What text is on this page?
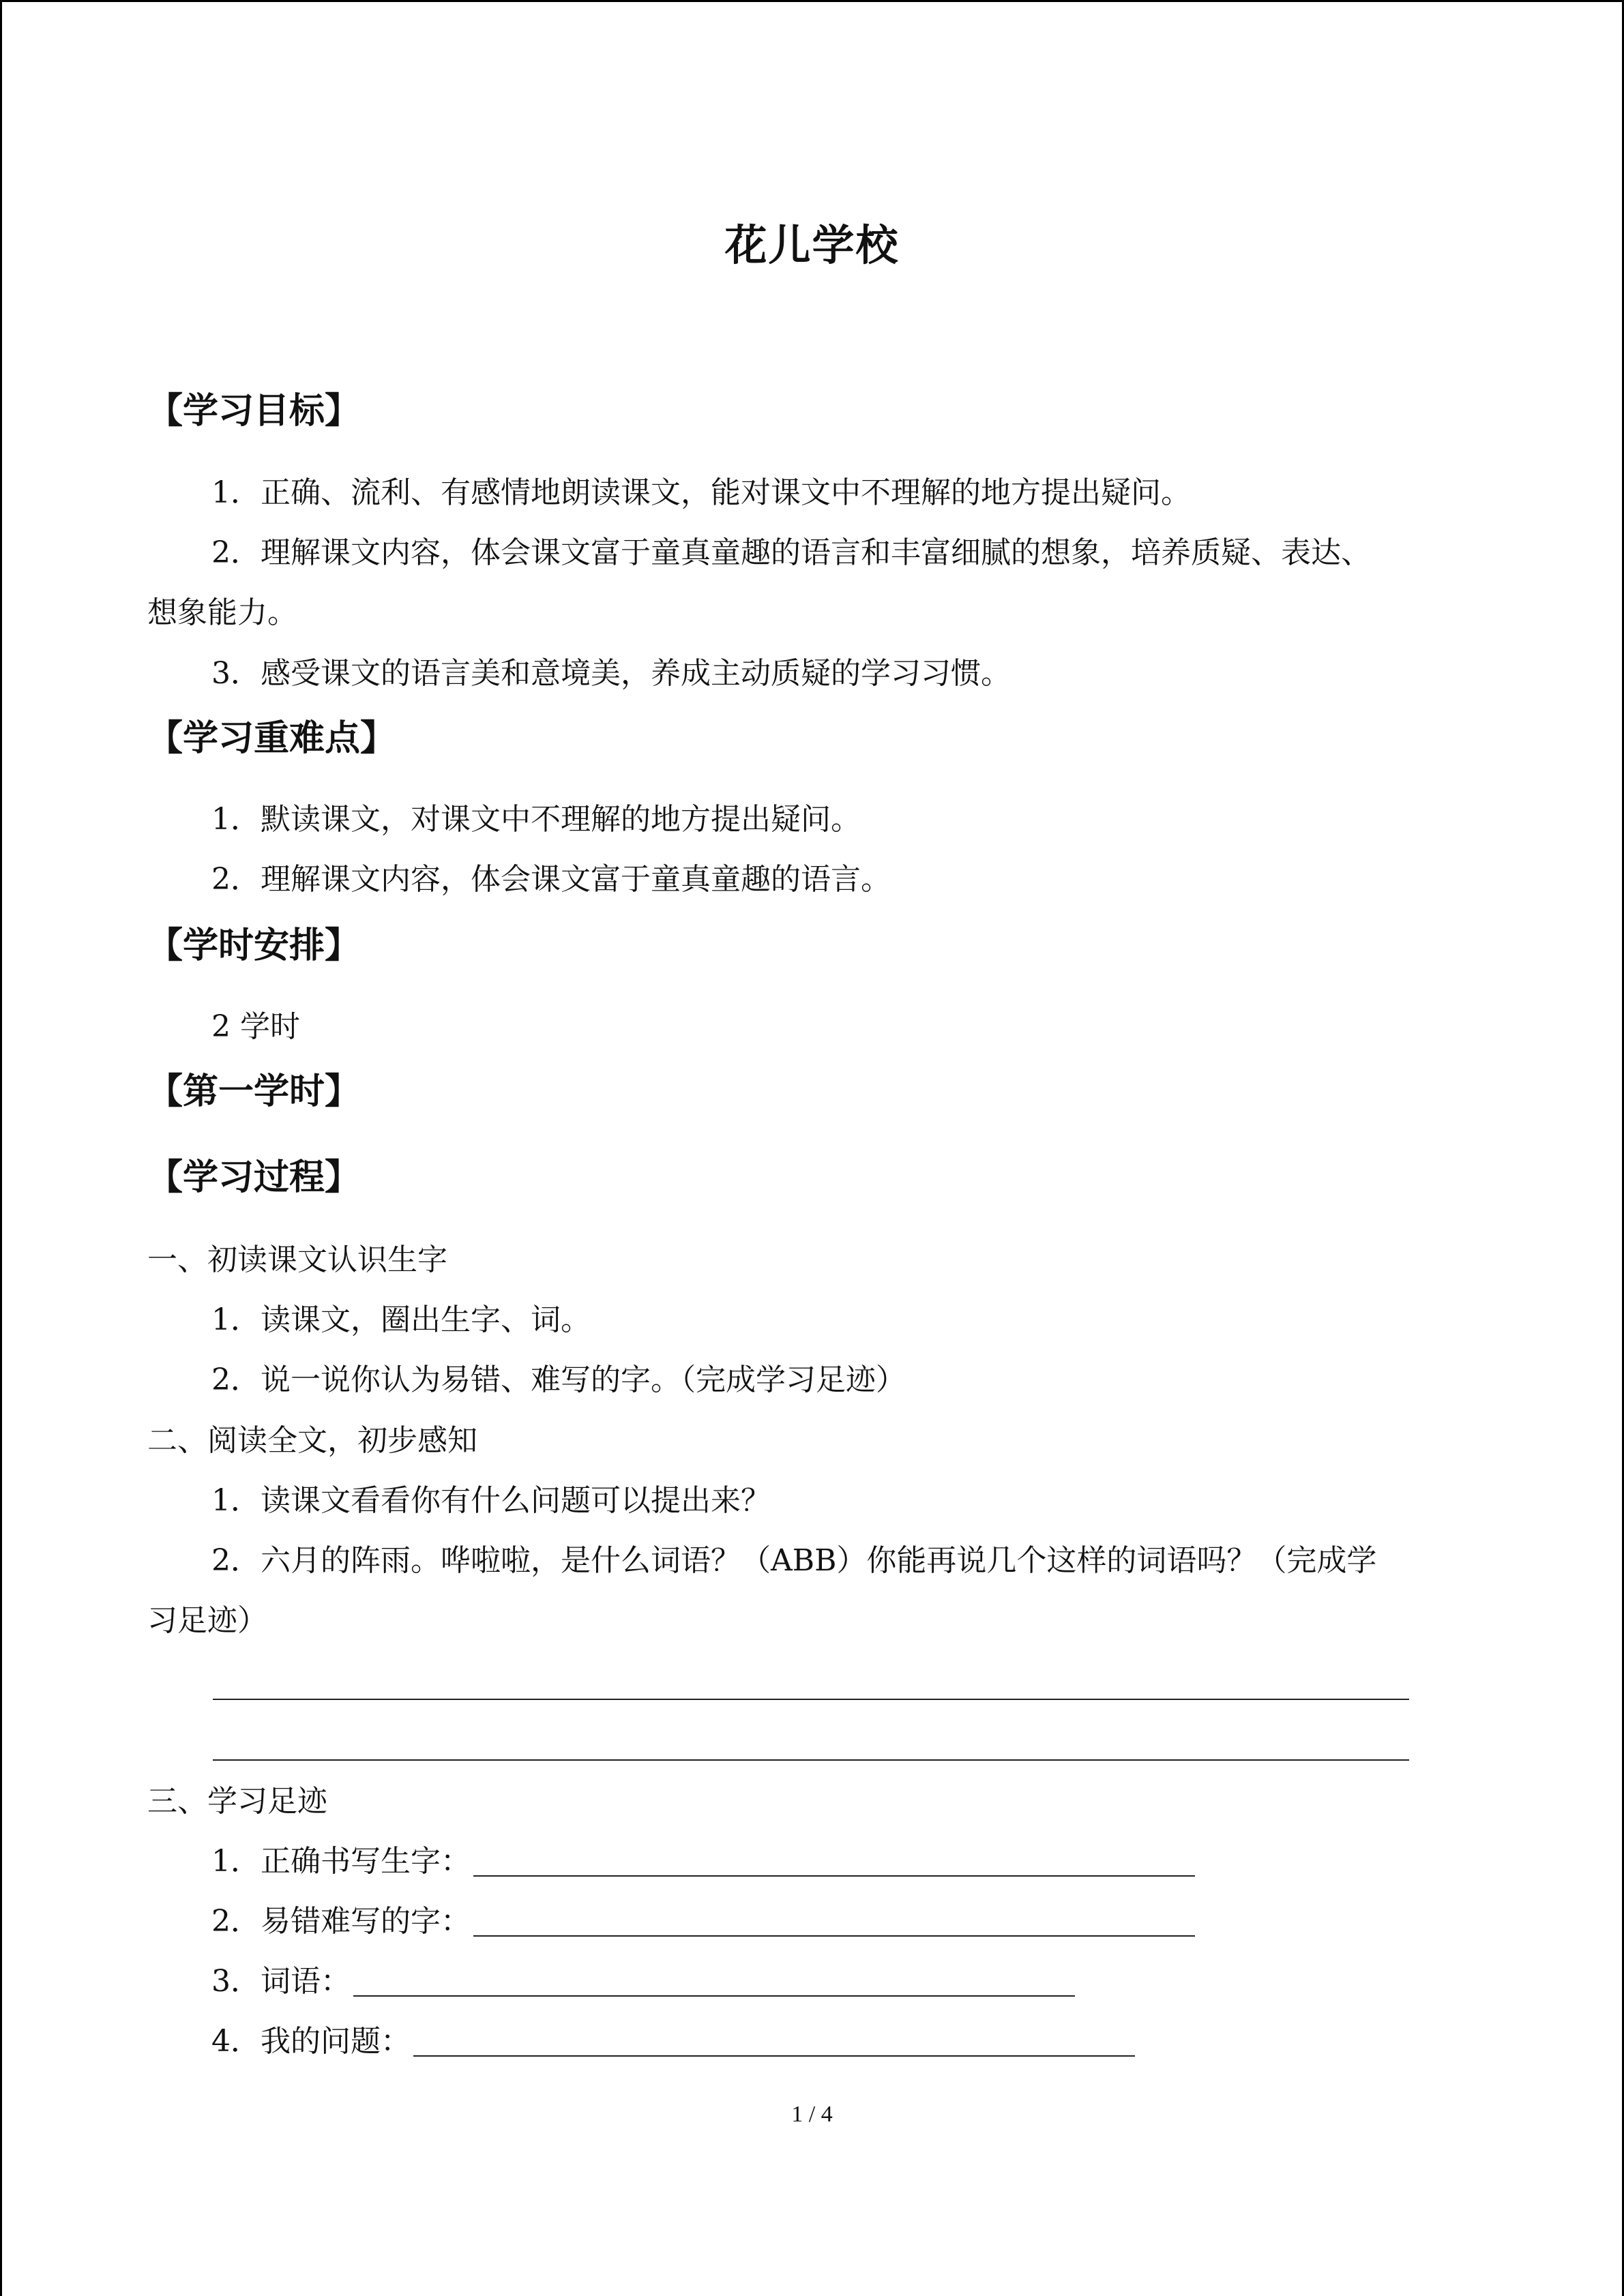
花儿学校
【学习目标】
1．正确、流利、有感情地朗读课文，能对课文中不理解的地方提出疑问。
2．理解课文内容，体会课文富于童真童趣的语言和丰富细腻的想象，培养质疑、表达、
想象能力。
3．感受课文的语言美和意境美，养成主动质疑的学习习惯。
【学习重难点】
1．默读课文，对课文中不理解的地方提出疑问。
2．理解课文内容，体会课文富于童真童趣的语言。
【学时安排】
2 学时
【第一学时】
【学习过程】
一、初读课文认识生字
1．读课文，圈出生字、词。
2．说一说你认为易错、难写的字。（完成学习足迹）
二、阅读全文，初步感知
1．读课文看看你有什么问题可以提出来？
2．六月的阵雨。哗啦啦，是什么词语？（ABB）你能再说几个这样的词语吗？（完成学
习足迹）
三、学习足迹
1．正确书写生字：
2．易错难写的字：
3．词语：
4．我的问题：
1 / 4
